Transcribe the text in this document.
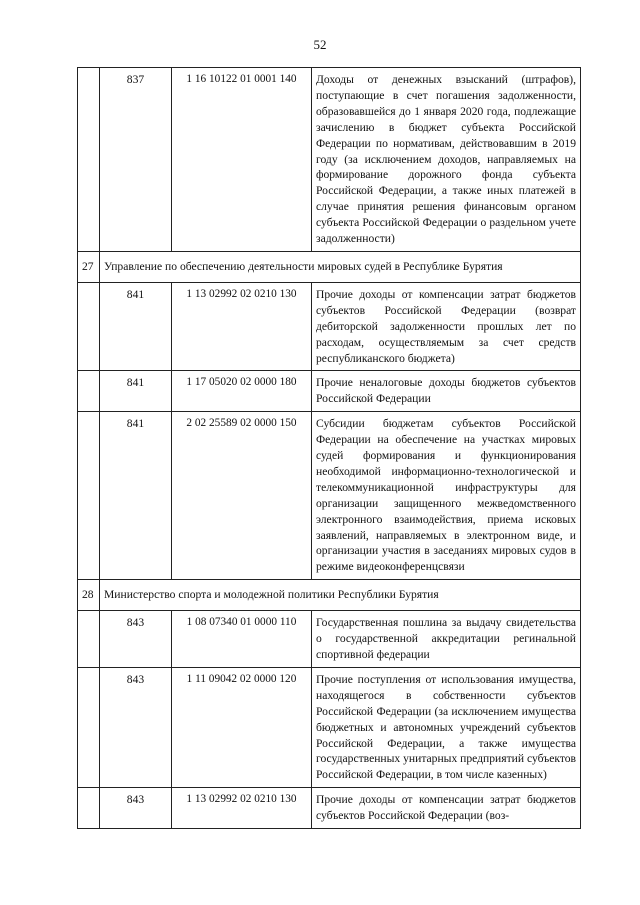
52
	837	1 16 10122 01 0001 140	Доходы от денежных взысканий (штрафов), поступающие в счет погашения задолженности, образовавшейся до 1 января 2020 года, подлежащие зачислению в бюджет субъекта Российской Федерации по нормативам, действовавшим в 2019 году (за исключением доходов, направляемых на формирование дорожного фонда субъекта Российской Федерации, а также иных платежей в случае принятия решения финансовым органом субъекта Российской Федерации о раздельном учете задолженности)
27	Управление по обеспечению деятельности мировых судей в Республике Бурятия		
	841	1 13 02992 02 0210 130	Прочие доходы от компенсации затрат бюджетов субъектов Российской Федерации (возврат дебиторской задолженности прошлых лет по расходам, осуществляемым за счет средств республиканского бюджета)
	841	1 17 05020 02 0000 180	Прочие неналоговые доходы бюджетов субъектов Российской Федерации
	841	2 02 25589 02 0000 150	Субсидии бюджетам субъектов Российской Федерации на обеспечение на участках мировых судей формирования и функционирования необходимой информационно-технологической и телекоммуникационной инфраструктуры для организации защищенного межведомственного электронного взаимодействия, приема исковых заявлений, направляемых в электронном виде, и организации участия в заседаниях мировых судов в режиме видеоконференцсвязи
28	Министерство спорта и молодежной политики Республики Бурятия		
	843	1 08 07340 01 0000 110	Государственная пошлина за выдачу свидетельства о государственной аккредитации регинальной спортивной федерации
	843	1 11 09042 02 0000 120	Прочие поступления от использования имущества, находящегося в собственности субъектов Российской Федерации (за исключением имущества бюджетных и автономных учреждений субъектов Российской Федерации, а также имущества государственных унитарных предприятий субъектов Российской Федерации, в том числе казенных)
	843	1 13 02992 02 0210 130	Прочие доходы от компенсации затрат бюджетов субъектов Российской Федерации (воз-
